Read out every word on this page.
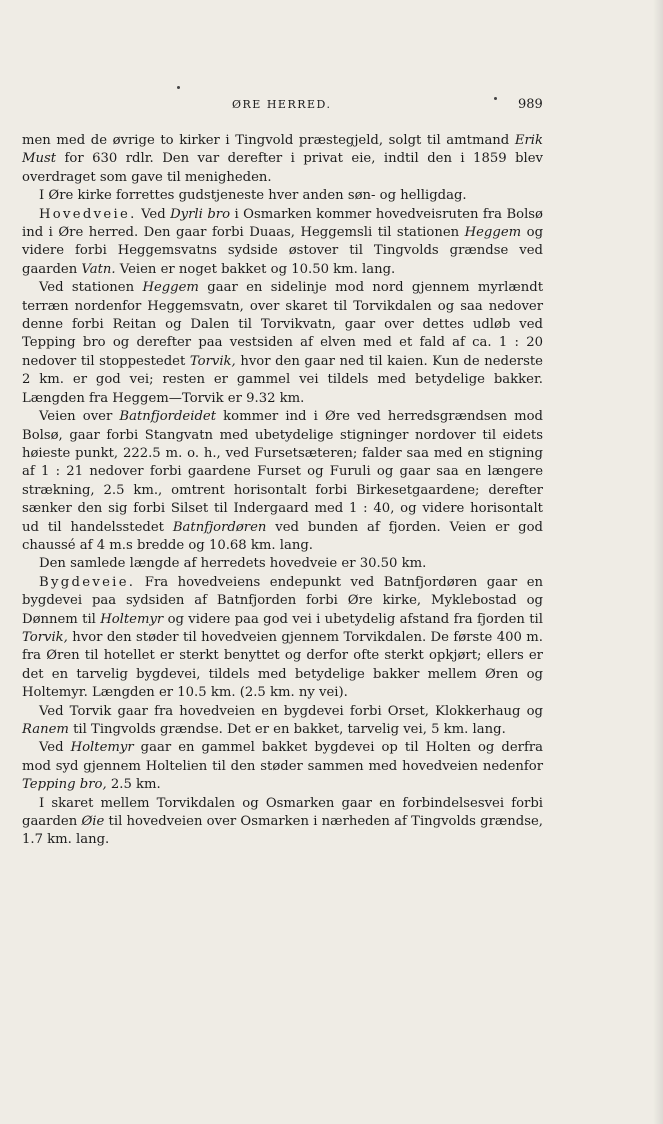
ØRE HERRED.	989

men med de øvrige to kirker i Tingvold præstegjeld, solgt til amtmand Erik Must for 630 rdlr. Den var derefter i privat eie, indtil den i 1859 blev overdraget som gave til menigheden.

I Øre kirke forrettes gudstjeneste hver anden søn- og helligdag.

Hovedveie. Ved Dyrli bro i Osmarken kommer hovedveisruten fra Bolsø ind i Øre herred. Den gaar forbi Duaas, Heggemsli til stationen Heggem og videre forbi Heggemsvatns sydside østover til Tingvolds grændse ved gaarden Vatn. Veien er noget bakket og 10.50 km. lang.

Ved stationen Heggem gaar en sidelinje mod nord gjennem myrlændt terræn nordenfor Heggemsvatn, over skaret til Torvikdalen og saa nedover denne forbi Reitan og Dalen til Torvikvatn, gaar over dettes udløb ved Tepping bro og derefter paa vestsiden af elven med et fald af ca. 1 : 20 nedover til stoppestedet Torvik, hvor den gaar ned til kaien. Kun de nederste 2 km. er god vei; resten er gammel vei tildels med betydelige bakker. Længden fra Heggem—Torvik er 9.32 km.

Veien over Batnfjordeidet kommer ind i Øre ved herredsgrændsen mod Bolsø, gaar forbi Stangvatn med ubetydelige stigninger nordover til eidets høieste punkt, 222.5 m. o. h., ved Fursetsæteren; falder saa med en stigning af 1 : 21 nedover forbi gaardene Furset og Furuli og gaar saa en længere strækning, 2.5 km., omtrent horisontalt forbi Birkesetgaardene; derefter sænker den sig forbi Silset til Indergaard med 1 : 40, og videre horisontalt ud til handelsstedet Batnfjordøren ved bunden af fjorden. Veien er god chaussé af 4 m.s bredde og 10.68 km. lang.

Den samlede længde af herredets hovedveie er 30.50 km.

Bygdeveie. Fra hovedveiens endepunkt ved Batnfjordøren gaar en bygdevei paa sydsiden af Batnfjorden forbi Øre kirke, Myklebostad og Dønnem til Holtemyr og videre paa god vei i ubetydelig afstand fra fjorden til Torvik, hvor den støder til hovedveien gjennem Torvikdalen. De første 400 m. fra Øren til hotellet er sterkt benyttet og derfor ofte sterkt opkjørt; ellers er det en tarvelig bygdevei, tildels med betydelige bakker mellem Øren og Holtemyr. Længden er 10.5 km. (2.5 km. ny vei).

Ved Torvik gaar fra hovedveien en bygdevei forbi Orset, Klokkerhaug og Ranem til Tingvolds grændse. Det er en bakket, tarvelig vei, 5 km. lang.

Ved Holtemyr gaar en gammel bakket bygdevei op til Holten og derfra mod syd gjennem Holtelien til den støder sammen med hovedveien nedenfor Tepping bro, 2.5 km.

I skaret mellem Torvikdalen og Osmarken gaar en forbindelsesvei forbi gaarden Øie til hovedveien over Osmarken i nærheden af Tingvolds grændse, 1.7 km. lang.
